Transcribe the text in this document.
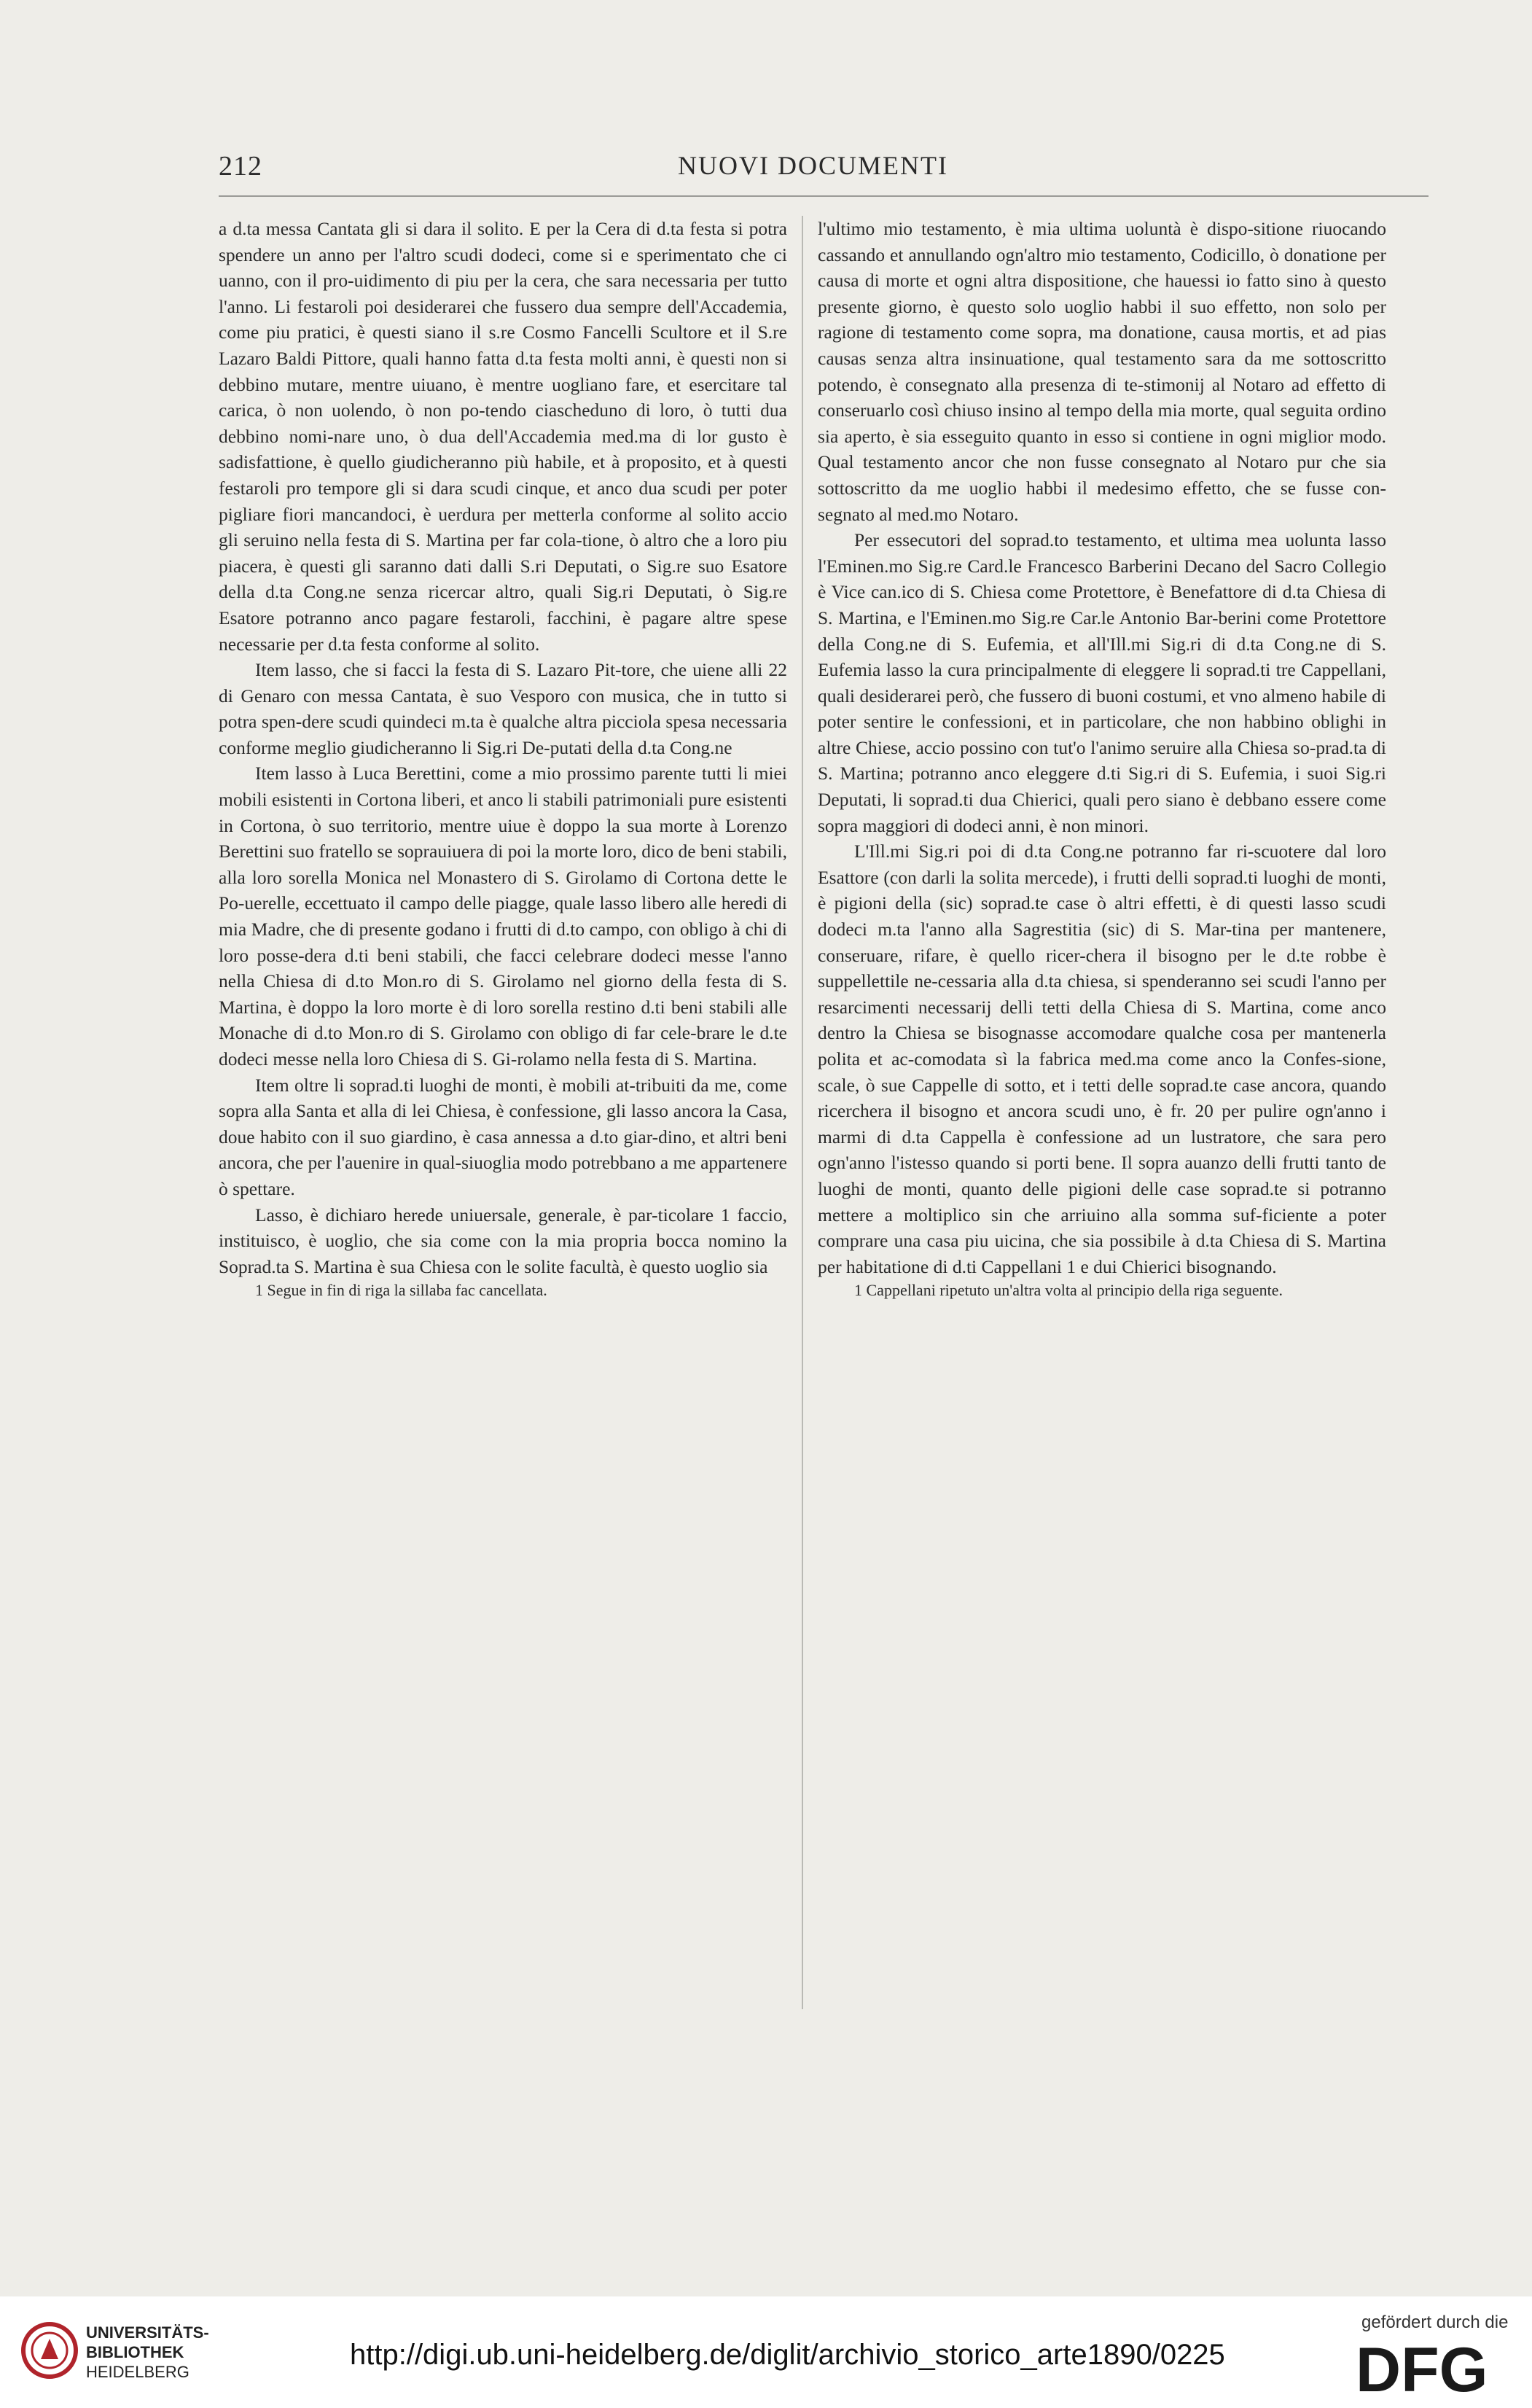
212	NUOVI DOCUMENTI

a d.ta messa Cantata gli si dara il solito. E per la Cera di d.ta festa si potra spendere un anno per l'altro scudi dodeci, come si e sperimentato che ci uanno, con il pro-uidimento di piu per la cera, che sara necessaria per tutto l'anno. Li festaroli poi desiderarei che fussero dua sempre dell'Accademia, come piu pratici, è questi siano il s.re Cosmo Fancelli Scultore et il S.re Lazaro Baldi Pittore, quali hanno fatta d.ta festa molti anni, è questi non si debbino mutare, mentre uiuano, è mentre uogliano fare, et esercitare tal carica, ò non uolendo, ò non po-tendo ciascheduno di loro, ò tutti dua debbino nomi-nare uno, ò dua dell'Accademia med.ma di lor gusto è sadisfattione, è quello giudicheranno più habile, et à proposito, et à questi festaroli pro tempore gli si dara scudi cinque, et anco dua scudi per poter pigliare fiori mancandoci, è uerdura per metterla conforme al solito accio gli seruino nella festa di S. Martina per far cola-tione, ò altro che a loro piu piacera, è questi gli saranno dati dalli S.ri Deputati, o Sig.re suo Esatore della d.ta Cong.ne senza ricercar altro, quali Sig.ri Deputati, ò Sig.re Esatore potranno anco pagare festaroli, facchini, è pagare altre spese necessarie per d.ta festa conforme al solito.

Item lasso, che si facci la festa di S. Lazaro Pit-tore, che uiene alli 22 di Genaro con messa Cantata, è suo Vesporo con musica, che in tutto si potra spen-dere scudi quindeci m.ta è qualche altra picciola spesa necessaria conforme meglio giudicheranno li Sig.ri De-putati della d.ta Cong.ne

Item lasso à Luca Berettini, come a mio prossimo parente tutti li miei mobili esistenti in Cortona liberi, et anco li stabili patrimoniali pure esistenti in Cortona, ò suo territorio, mentre uiue è doppo la sua morte à Lorenzo Berettini suo fratello se soprauiuera di poi la morte loro, dico de beni stabili, alla loro sorella Monica nel Monastero di S. Girolamo di Cortona dette le Po-uerelle, eccettuato il campo delle piagge, quale lasso libero alle heredi di mia Madre, che di presente godano i frutti di d.to campo, con obligo à chi di loro posse-dera d.ti beni stabili, che facci celebrare dodeci messe l'anno nella Chiesa di d.to Mon.ro di S. Girolamo nel giorno della festa di S. Martina, è doppo la loro morte è di loro sorella restino d.ti beni stabili alle Monache di d.to Mon.ro di S. Girolamo con obligo di far cele-brare le d.te dodeci messe nella loro Chiesa di S. Gi-rolamo nella festa di S. Martina.

Item oltre li soprad.ti luoghi de monti, è mobili at-tribuiti da me, come sopra alla Santa et alla di lei Chiesa, è confessione, gli lasso ancora la Casa, doue habito con il suo giardino, è casa annessa a d.to giar-dino, et altri beni ancora, che per l'auenire in qual-siuoglia modo potrebbano a me appartenere ò spettare.

Lasso, è dichiaro herede uniuersale, generale, è par-ticolare 1 faccio, instituisco, è uoglio, che sia come con la mia propria bocca nomino la Soprad.ta S. Martina è sua Chiesa con le solite facultà, è questo uoglio sia

1 Segue in fin di riga la sillaba fac cancellata.

l'ultimo mio testamento, è mia ultima uoluntà è dispo-sitione riuocando cassando et annullando ogn'altro mio testamento, Codicillo, ò donatione per causa di morte et ogni altra dispositione, che hauessi io fatto sino à questo presente giorno, è questo solo uoglio habbi il suo effetto, non solo per ragione di testamento come sopra, ma donatione, causa mortis, et ad pias causas senza altra insinuatione, qual testamento sara da me sottoscritto potendo, è consegnato alla presenza di te-stimonij al Notaro ad effetto di conseruarlo così chiuso insino al tempo della mia morte, qual seguita ordino sia aperto, è sia esseguito quanto in esso si contiene in ogni miglior modo. Qual testamento ancor che non fusse consegnato al Notaro pur che sia sottoscritto da me uoglio habbi il medesimo effetto, che se fusse con-segnato al med.mo Notaro.

Per essecutori del soprad.to testamento, et ultima mea uolunta lasso l'Eminen.mo Sig.re Card.le Francesco Barberini Decano del Sacro Collegio è Vice can.ico di S. Chiesa come Protettore, è Benefattore di d.ta Chiesa di S. Martina, e l'Eminen.mo Sig.re Car.le Antonio Bar-berini come Protettore della Cong.ne di S. Eufemia, et all'Ill.mi Sig.ri di d.ta Cong.ne di S. Eufemia lasso la cura principalmente di eleggere li soprad.ti tre Cappellani, quali desiderarei però, che fussero di buoni costumi, et vno almeno habile di poter sentire le confessioni, et in particolare, che non habbino oblighi in altre Chiese, accio possino con tut'o l'animo seruire alla Chiesa so-prad.ta di S. Martina; potranno anco eleggere d.ti Sig.ri di S. Eufemia, i suoi Sig.ri Deputati, li soprad.ti dua Chierici, quali pero siano è debbano essere come sopra maggiori di dodeci anni, è non minori.

L'Ill.mi Sig.ri poi di d.ta Cong.ne potranno far ri-scuotere dal loro Esattore (con darli la solita mercede), i frutti delli soprad.ti luoghi de monti, è pigioni della (sic) soprad.te case ò altri effetti, è di questi lasso scudi dodeci m.ta l'anno alla Sagrestitia (sic) di S. Mar-tina per mantenere, conseruare, rifare, è quello ricer-chera il bisogno per le d.te robbe è suppellettile ne-cessaria alla d.ta chiesa, si spenderanno sei scudi l'anno per resarcimenti necessarij delli tetti della Chiesa di S. Martina, come anco dentro la Chiesa se bisognasse accomodare qualche cosa per mantenerla polita et ac-comodata sì la fabrica med.ma come anco la Confes-sione, scale, ò sue Cappelle di sotto, et i tetti delle soprad.te case ancora, quando ricerchera il bisogno et ancora scudi uno, è fr. 20 per pulire ogn'anno i marmi di d.ta Cappella è confessione ad un lustratore, che sara pero ogn'anno l'istesso quando si porti bene. Il sopra auanzo delli frutti tanto de luoghi de monti, quanto delle pigioni delle case soprad.te si potranno mettere a moltiplico sin che arriuino alla somma suf-ficiente a poter comprare una casa piu uicina, che sia possibile à d.ta Chiesa di S. Martina per habitatione di d.ti Cappellani 1 e dui Chierici bisognando.

1 Cappellani ripetuto un'altra volta al principio della riga seguente.

UNIVERSITÄTS-
BIBLIOTHEK
HEIDELBERG
http://digi.ub.uni-heidelberg.de/diglit/archivio_storico_arte1890/0225
gefördert durch die
DFG
